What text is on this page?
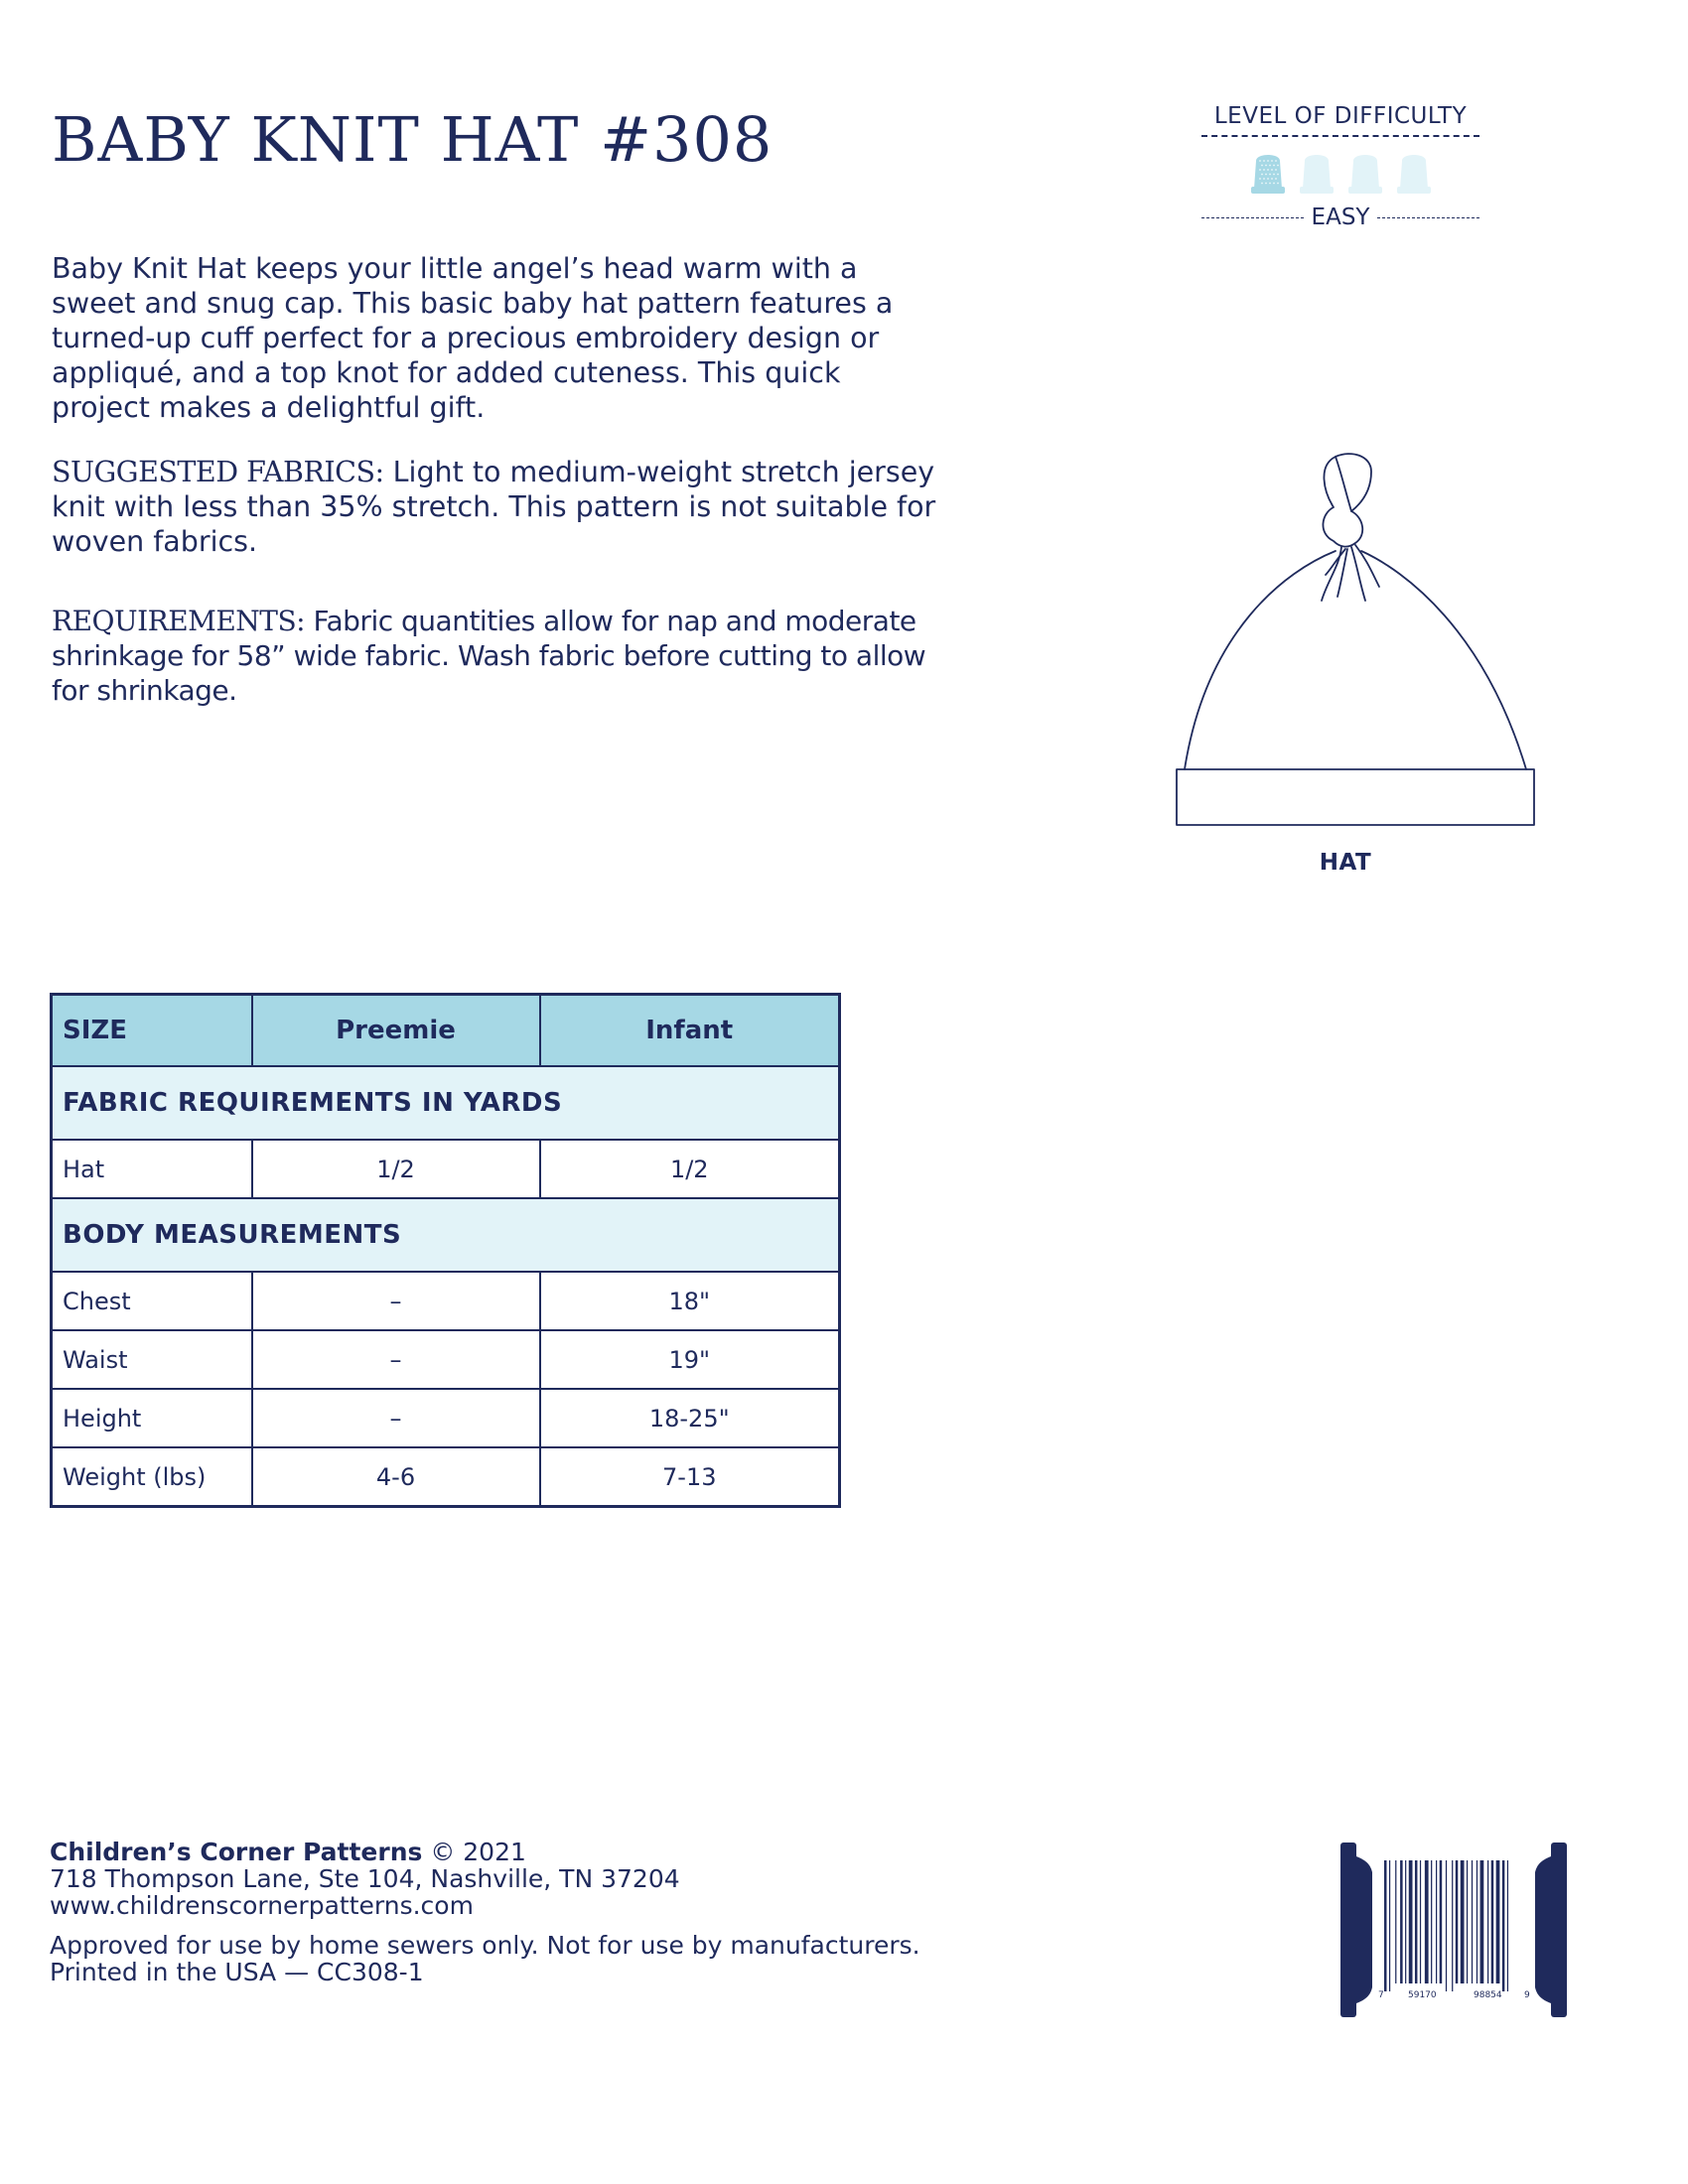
BABY KNIT HAT #308	LEVEL OF DIFFICULTY
EASY

Baby Knit Hat keeps your little angel’s head warm with a sweet and snug cap. This basic baby hat pattern features a turned-up cuff perfect for a precious embroidery design or appliqué, and a top knot for added cuteness. This quick project makes a delightful gift.

SUGGESTED FABRICS: Light to medium-weight stretch jersey knit with less than 35% stretch. This pattern is not suitable for woven fabrics.

REQUIREMENTS: Fabric quantities allow for nap and moderate shrinkage for 58” wide fabric. Wash fabric before cutting to allow for shrinkage.

HAT
SIZE	Preemie	Infant
FABRIC REQUIREMENTS IN YARDS		
Hat	1/2	1/2
BODY MEASUREMENTS		
Chest	–	18"
Waist	–	19"
Height	–	18-25"
Weight (lbs)	4-6	7-13

Children’s Corner Patterns © 2021

718 Thompson Lane, Ste 104, Nashville, TN 37204

www.childrenscornerpatterns.com

Approved for use by home sewers only. Not for use by manufacturers.

Printed in the USA — CC308-1

7	59170	98854 9
